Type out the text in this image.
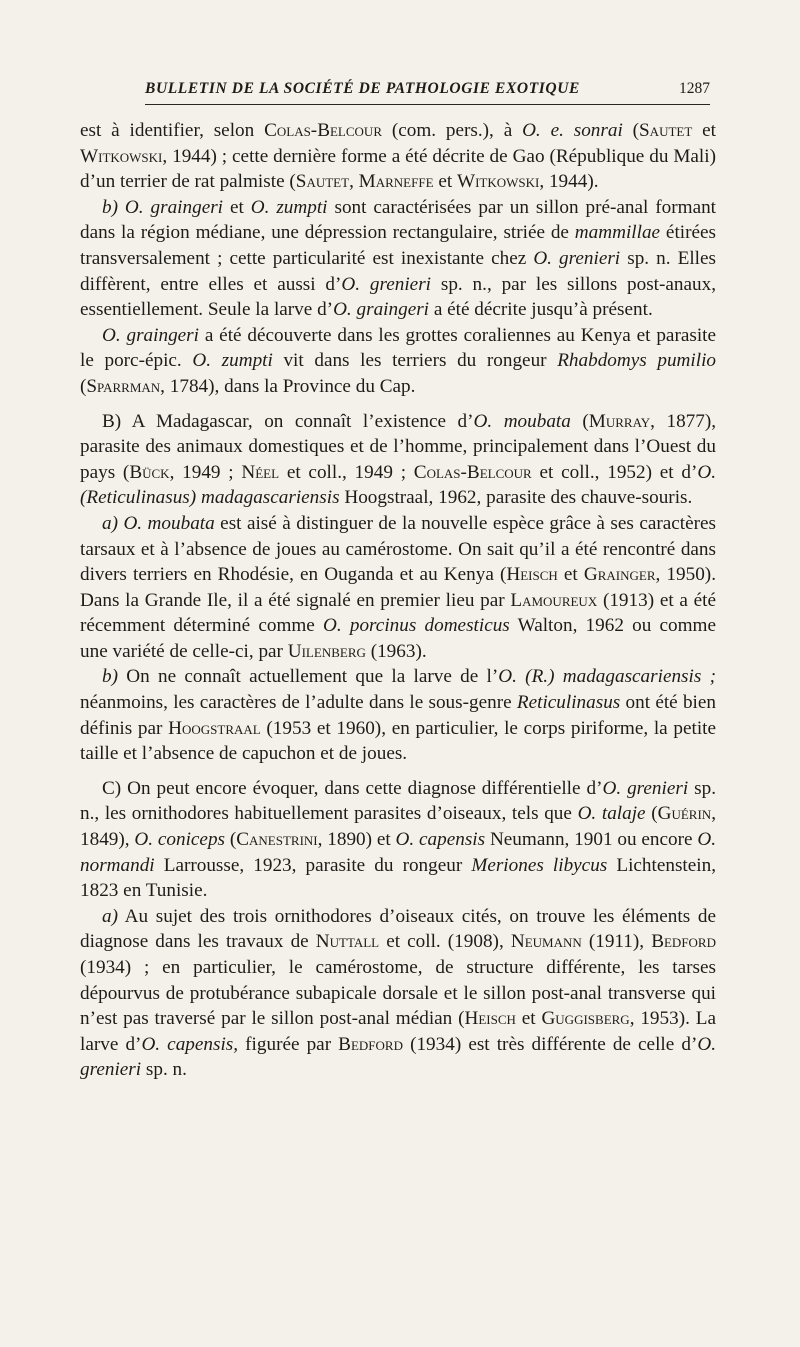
BULLETIN DE LA SOCIÉTÉ DE PATHOLOGIE EXOTIQUE	1287

est à identifier, selon Colas-Belcour (com. pers.), à O. e. sonrai (Sautet et Witkowski, 1944) ; cette dernière forme a été décrite de Gao (République du Mali) d’un terrier de rat palmiste (Sautet, Marneffe et Witkowski, 1944).

b) O. graingeri et O. zumpti sont caractérisées par un sillon pré-anal formant dans la région médiane, une dépression rectangulaire, striée de mammillae étirées transversalement ; cette particularité est inexistante chez O. grenieri sp. n. Elles diffèrent, entre elles et aussi d’O. grenieri sp. n., par les sillons post-anaux, essentiellement. Seule la larve d’O. graingeri a été décrite jusqu’à présent.

O. graingeri a été découverte dans les grottes coraliennes au Kenya et parasite le porc-épic. O. zumpti vit dans les terriers du rongeur Rhabdomys pumilio (Sparrman, 1784), dans la Province du Cap.

B) A Madagascar, on connaît l’existence d’O. moubata (Murray, 1877), parasite des animaux domestiques et de l’homme, principalement dans l’Ouest du pays (Bück, 1949 ; Néel et coll., 1949 ; Colas-Belcour et coll., 1952) et d’O. (Reticulinasus) madagascariensis Hoogstraal, 1962, parasite des chauve-souris.

a) O. moubata est aisé à distinguer de la nouvelle espèce grâce à ses caractères tarsaux et à l’absence de joues au camérostome. On sait qu’il a été rencontré dans divers terriers en Rhodésie, en Ouganda et au Kenya (Heisch et Grainger, 1950). Dans la Grande Ile, il a été signalé en premier lieu par Lamoureux (1913) et a été récemment déterminé comme O. porcinus domesticus Walton, 1962 ou comme une variété de celle-ci, par Uilenberg (1963).

b) On ne connaît actuellement que la larve de l’O. (R.) madagascariensis ; néanmoins, les caractères de l’adulte dans le sous-genre Reticulinasus ont été bien définis par Hoogstraal (1953 et 1960), en particulier, le corps piriforme, la petite taille et l’absence de capuchon et de joues.

C) On peut encore évoquer, dans cette diagnose différentielle d’O. grenieri sp. n., les ornithodores habituellement parasites d’oiseaux, tels que O. talaje (Guérin, 1849), O. coniceps (Canestrini, 1890) et O. capensis Neumann, 1901 ou encore O. normandi Larrousse, 1923, parasite du rongeur Meriones libycus Lichtenstein, 1823 en Tunisie.

a) Au sujet des trois ornithodores d’oiseaux cités, on trouve les éléments de diagnose dans les travaux de Nuttall et coll. (1908), Neumann (1911), Bedford (1934) ; en particulier, le camérostome, de structure différente, les tarses dépourvus de protubérance subapicale dorsale et le sillon post-anal transverse qui n’est pas traversé par le sillon post-anal médian (Heisch et Guggisberg, 1953). La larve d’O. capensis, figurée par Bedford (1934) est très différente de celle d’O. grenieri sp. n.
